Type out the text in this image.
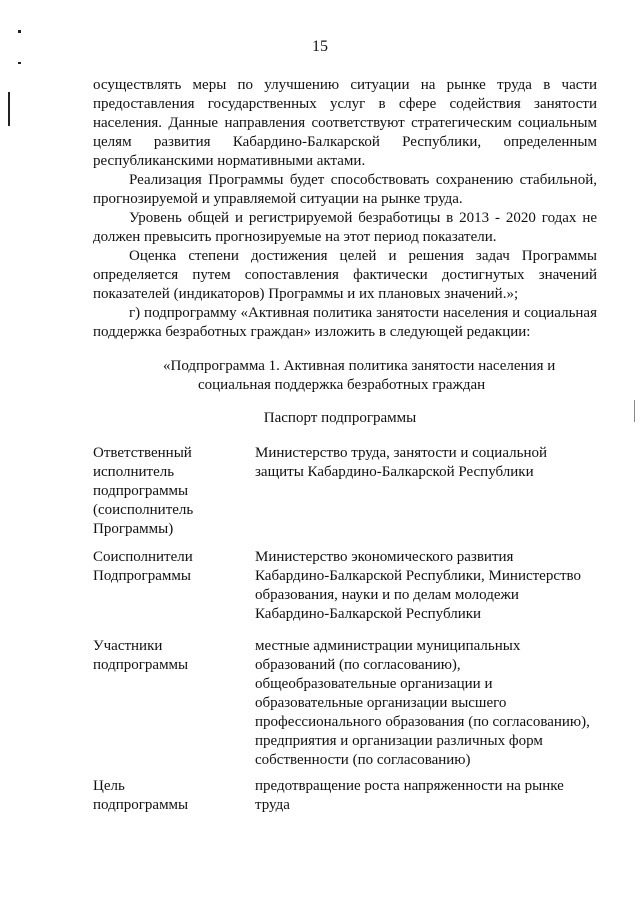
15

осуществлять меры по улучшению ситуации на рынке труда в части предоставления государственных услуг в сфере содействия занятости населения. Данные направления соответствуют стратегическим социальным целям развития Кабардино-Балкарской Республики, определенным республиканскими нормативными актами.

Реализация Программы будет способствовать сохранению стабильной, прогнозируемой и управляемой ситуации на рынке труда.

Уровень общей и регистрируемой безработицы в 2013 - 2020 годах не должен превысить прогнозируемые на этот период показатели.

Оценка степени достижения целей и решения задач Программы определяется путем сопоставления фактически достигнутых значений показателей (индикаторов) Программы и их плановых значений.»;

г) подпрограмму «Активная политика занятости населения и социальная поддержка безработных граждан» изложить в следующей редакции:

«Подпрограмма 1. Активная политика занятости населения и
социальная поддержка безработных граждан
Паспорт подпрограммы
Ответственный
исполнитель
подпрограммы
(соисполнитель
Программы)
Министерство труда, занятости и социальной
защиты Кабардино-Балкарской Республики
Соисполнители
Подпрограммы
Министерство экономического развития
Кабардино-Балкарской Республики, Министерство
образования, науки и по делам молодежи
Кабардино-Балкарской Республики
Участники
подпрограммы
местные администрации муниципальных
образований (по согласованию),
общеобразовательные организации и
образовательные организации высшего
профессионального образования (по согласованию),
предприятия и организации различных форм
собственности (по согласованию)
Цель
подпрограммы
предотвращение роста напряженности на рынке
труда
